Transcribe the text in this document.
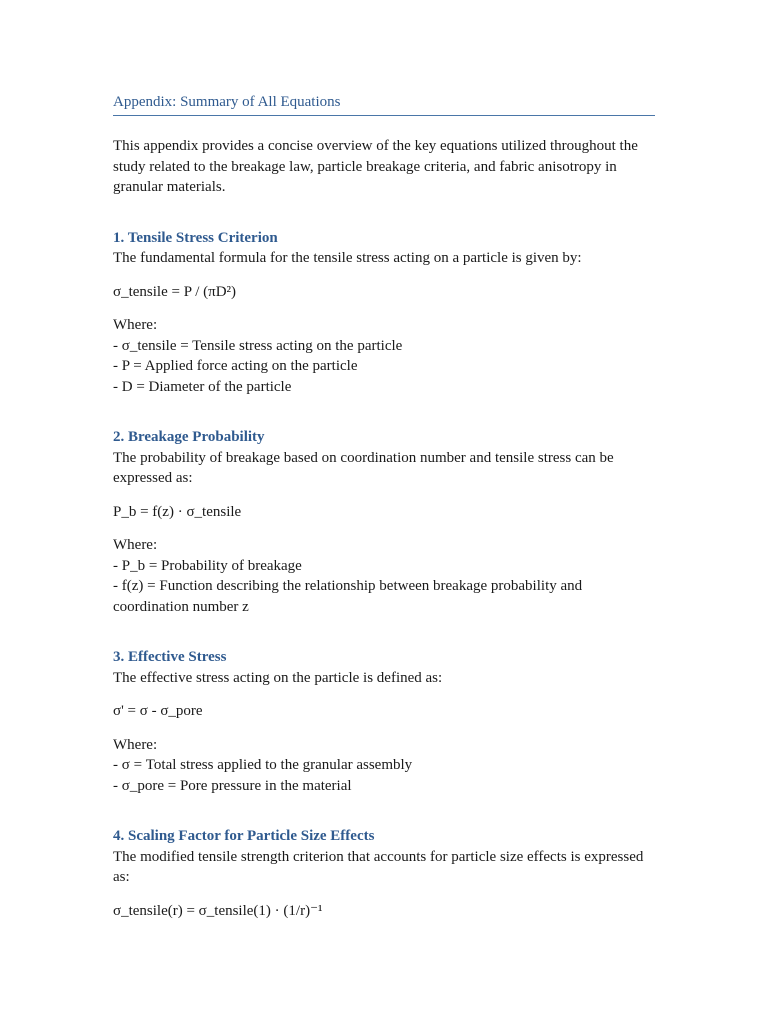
Appendix: Summary of All Equations

This appendix provides a concise overview of the key equations utilized throughout the study related to the breakage law, particle breakage criteria, and fabric anisotropy in granular materials.

1. Tensile Stress Criterion

The fundamental formula for the tensile stress acting on a particle is given by:

σ_tensile = P / (πD²)

Where:

- σ_tensile = Tensile stress acting on the particle

- P = Applied force acting on the particle

- D = Diameter of the particle

2. Breakage Probability

The probability of breakage based on coordination number and tensile stress can be expressed as:

P_b = f(z) · σ_tensile

Where:

- P_b = Probability of breakage

- f(z) = Function describing the relationship between breakage probability and coordination number z

3. Effective Stress

The effective stress acting on the particle is defined as:

σ' = σ - σ_pore

Where:

- σ = Total stress applied to the granular assembly

- σ_pore = Pore pressure in the material

4. Scaling Factor for Particle Size Effects

The modified tensile strength criterion that accounts for particle size effects is expressed as:

σ_tensile(r) = σ_tensile(1) · (1/r)⁻¹
